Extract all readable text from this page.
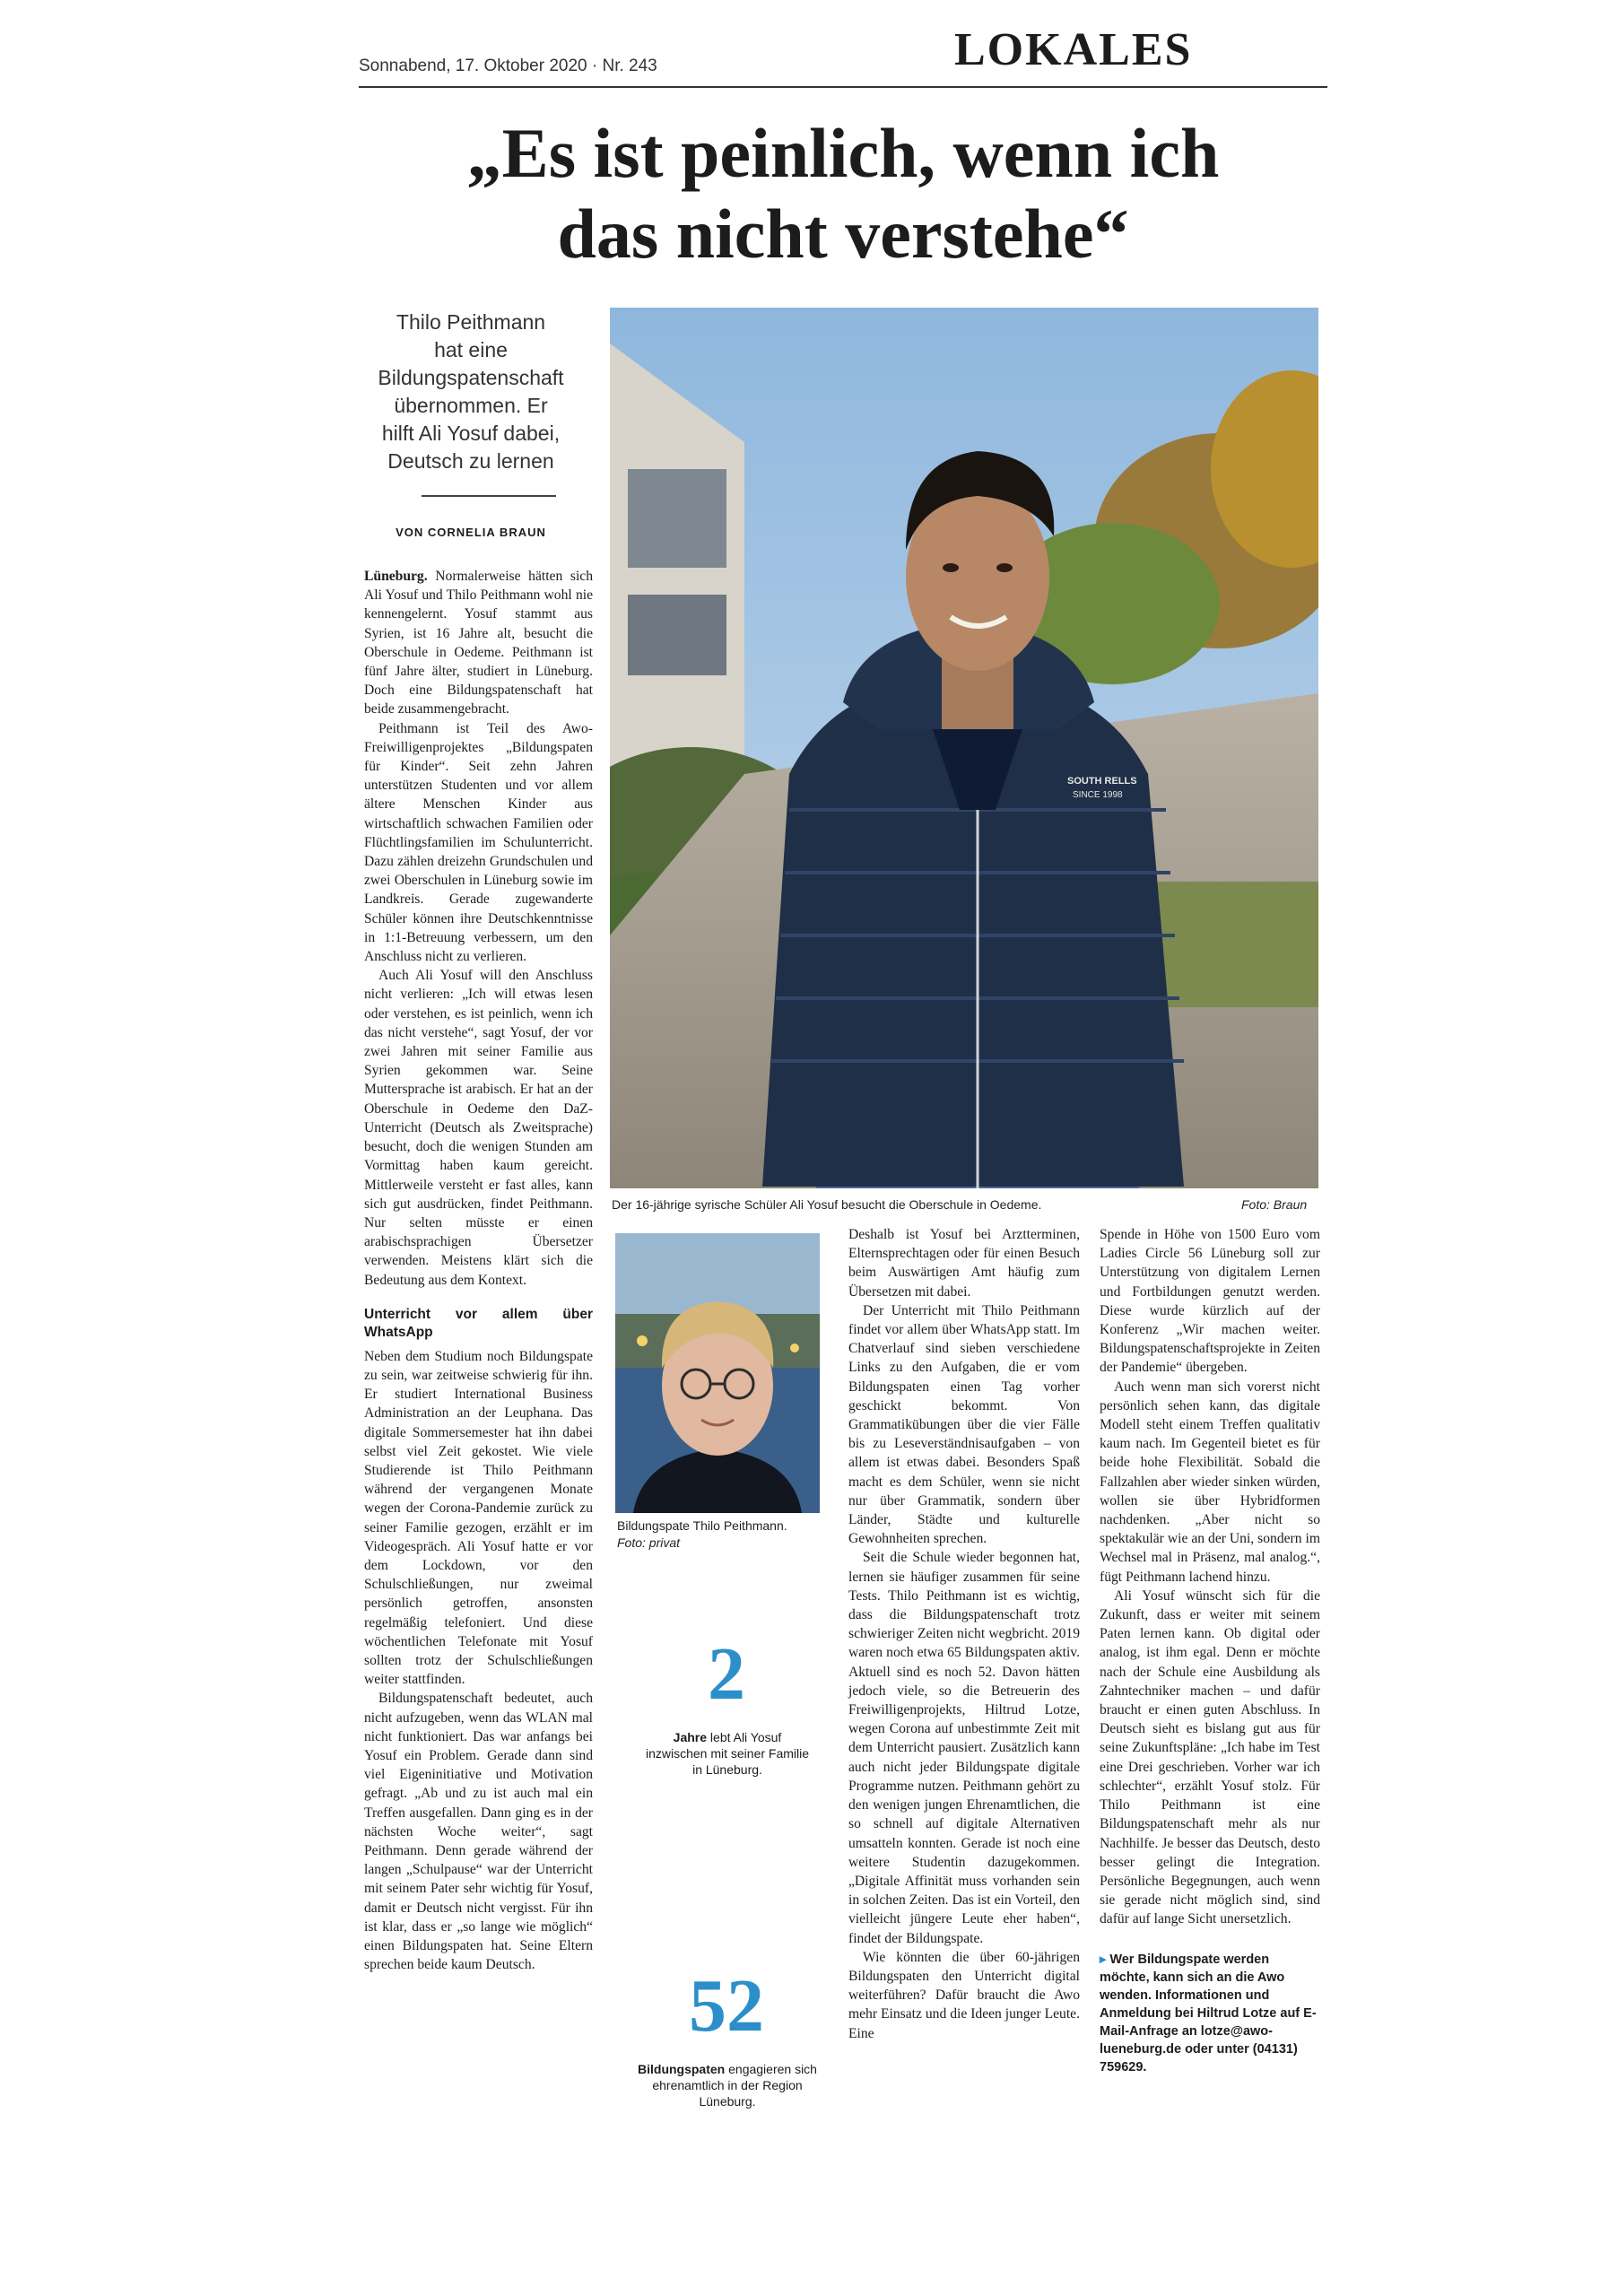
Sonnabend, 17. Oktober 2020 · Nr. 243	LOKALES
„Es ist peinlich, wenn ich
das nicht verstehe“
Thilo Peithmann
hat eine
Bildungspatenschaft
übernommen. Er
hilft Ali Yosuf dabei,
Deutsch zu lernen
VON CORNELIA BRAUN
SOUTH RELLS
SINCE 1998
Der 16-jährige syrische Schüler Ali Yosuf besucht die Oberschule in Oedeme.	Foto: Braun

Lüneburg. Normalerweise hätten sich Ali Yosuf und Thilo Peithmann wohl nie kennengelernt. Yosuf stammt aus Syrien, ist 16 Jahre alt, besucht die Oberschule in Oedeme. Peithmann ist fünf Jahre älter, studiert in Lüneburg. Doch eine Bildungspatenschaft hat beide zusammengebracht.

Peithmann ist Teil des Awo-Freiwilligenprojektes „Bildungspaten für Kinder“. Seit zehn Jahren unterstützen Studenten und vor allem ältere Menschen Kinder aus wirtschaftlich schwachen Familien oder Flüchtlingsfamilien im Schulunterricht. Dazu zählen dreizehn Grundschulen und zwei Oberschulen in Lüneburg sowie im Landkreis. Gerade zugewanderte Schüler können ihre Deutschkenntnisse in 1:1-Betreuung verbessern, um den Anschluss nicht zu verlieren.

Auch Ali Yosuf will den Anschluss nicht verlieren: „Ich will etwas lesen oder verstehen, es ist peinlich, wenn ich das nicht verstehe“, sagt Yosuf, der vor zwei Jahren mit seiner Familie aus Syrien gekommen war. Seine Muttersprache ist arabisch. Er hat an der Oberschule in Oedeme den DaZ-Unterricht (Deutsch als Zweitsprache) besucht, doch die wenigen Stunden am Vormittag haben kaum gereicht. Mittlerweile versteht er fast alles, kann sich gut ausdrücken, findet Peithmann. Nur selten müsste er einen arabischsprachigen Übersetzer verwenden. Meistens klärt sich die Bedeutung aus dem Kontext.

Unterricht vor allem über WhatsApp

Neben dem Studium noch Bildungspate zu sein, war zeitweise schwierig für ihn. Er studiert International Business Administration an der Leuphana. Das digitale Sommersemester hat ihn dabei selbst viel Zeit gekostet. Wie viele Studierende ist Thilo Peithmann während der vergangenen Monate wegen der Corona-Pandemie zurück zu seiner Familie gezogen, erzählt er im Videogespräch. Ali Yosuf hatte er vor dem Lockdown, vor den Schulschließungen, nur zweimal persönlich getroffen, ansonsten regelmäßig telefoniert. Und diese wöchentlichen Telefonate mit Yosuf sollten trotz der Schulschließungen weiter stattfinden.

Bildungspatenschaft bedeutet, auch nicht aufzugeben, wenn das WLAN mal nicht funktioniert. Das war anfangs bei Yosuf ein Problem. Gerade dann sind viel Eigeninitiative und Motivation gefragt. „Ab und zu ist auch mal ein Treffen ausgefallen. Dann ging es in der nächsten Woche weiter“, sagt Peithmann. Denn gerade während der langen „Schulpause“ war der Unterricht mit seinem Pater sehr wichtig für Yosuf, damit er Deutsch nicht vergisst. Für ihn ist klar, dass er „so lange wie möglich“ einen Bildungspaten hat. Seine Eltern sprechen beide kaum Deutsch.

Bildungspate Thilo Peithmann.
Foto: privat
2
Jahre lebt Ali Yosuf inzwischen mit seiner Familie in Lüneburg.
52
Bildungspaten engagieren sich ehrenamtlich in der Region Lüneburg.

Deshalb ist Yosuf bei Arztterminen, Elternsprechtagen oder für einen Besuch beim Auswärtigen Amt häufig zum Übersetzen mit dabei.

Der Unterricht mit Thilo Peithmann findet vor allem über WhatsApp statt. Im Chatverlauf sind sieben verschiedene Links zu den Aufgaben, die er vom Bildungspaten einen Tag vorher geschickt bekommt. Von Grammatikübungen über die vier Fälle bis zu Leseverständnisaufgaben – von allem ist etwas dabei. Besonders Spaß macht es dem Schüler, wenn sie nicht nur über Grammatik, sondern über Länder, Städte und kulturelle Gewohnheiten sprechen.

Seit die Schule wieder begonnen hat, lernen sie häufiger zusammen für seine Tests. Thilo Peithmann ist es wichtig, dass die Bildungspatenschaft trotz schwieriger Zeiten nicht wegbricht. 2019 waren noch etwa 65 Bildungspaten aktiv. Aktuell sind es noch 52. Davon hätten jedoch viele, so die Betreuerin des Freiwilligenprojekts, Hiltrud Lotze, wegen Corona auf unbestimmte Zeit mit dem Unterricht pausiert. Zusätzlich kann auch nicht jeder Bildungspate digitale Programme nutzen. Peithmann gehört zu den wenigen jungen Ehrenamtlichen, die so schnell auf digitale Alternativen umsatteln konnten. Gerade ist noch eine weitere Studentin dazugekommen. „Digitale Affinität muss vorhanden sein in solchen Zeiten. Das ist ein Vorteil, den vielleicht jüngere Leute eher haben“, findet der Bildungspate.

Wie könnten die über 60-jährigen Bildungspaten den Unterricht digital weiterführen? Dafür braucht die Awo mehr Einsatz und die Ideen junger Leute. Eine

Spende in Höhe von 1500 Euro vom Ladies Circle 56 Lüneburg soll zur Unterstützung von digitalem Lernen und Fortbildungen genutzt werden. Diese wurde kürzlich auf der Konferenz „Wir machen weiter. Bildungspatenschaftsprojekte in Zeiten der Pandemie“ übergeben.

Auch wenn man sich vorerst nicht persönlich sehen kann, das digitale Modell steht einem Treffen qualitativ kaum nach. Im Gegenteil bietet es für beide hohe Flexibilität. Sobald die Fallzahlen aber wieder sinken würden, wollen sie über Hybridformen nachdenken. „Aber nicht so spektakulär wie an der Uni, sondern im Wechsel mal in Präsenz, mal analog.“, fügt Peithmann lachend hinzu.

Ali Yosuf wünscht sich für die Zukunft, dass er weiter mit seinem Paten lernen kann. Ob digital oder analog, ist ihm egal. Denn er möchte nach der Schule eine Ausbildung als Zahntechniker machen – und dafür braucht er einen guten Abschluss. In Deutsch sieht es bislang gut aus für seine Zukunftspläne: „Ich habe im Test eine Drei geschrieben. Vorher war ich schlechter“, erzählt Yosuf stolz. Für Thilo Peithmann ist eine Bildungspatenschaft mehr als nur Nachhilfe. Je besser das Deutsch, desto besser gelingt die Integration. Persönliche Begegnungen, auch wenn sie gerade nicht möglich sind, sind dafür auf lange Sicht unersetzlich.

▸ Wer Bildungspate werden möchte, kann sich an die Awo wenden. Informationen und Anmeldung bei Hiltrud Lotze auf E-Mail-Anfrage an lotze@awo-lueneburg.de oder unter (04131) 759629.
